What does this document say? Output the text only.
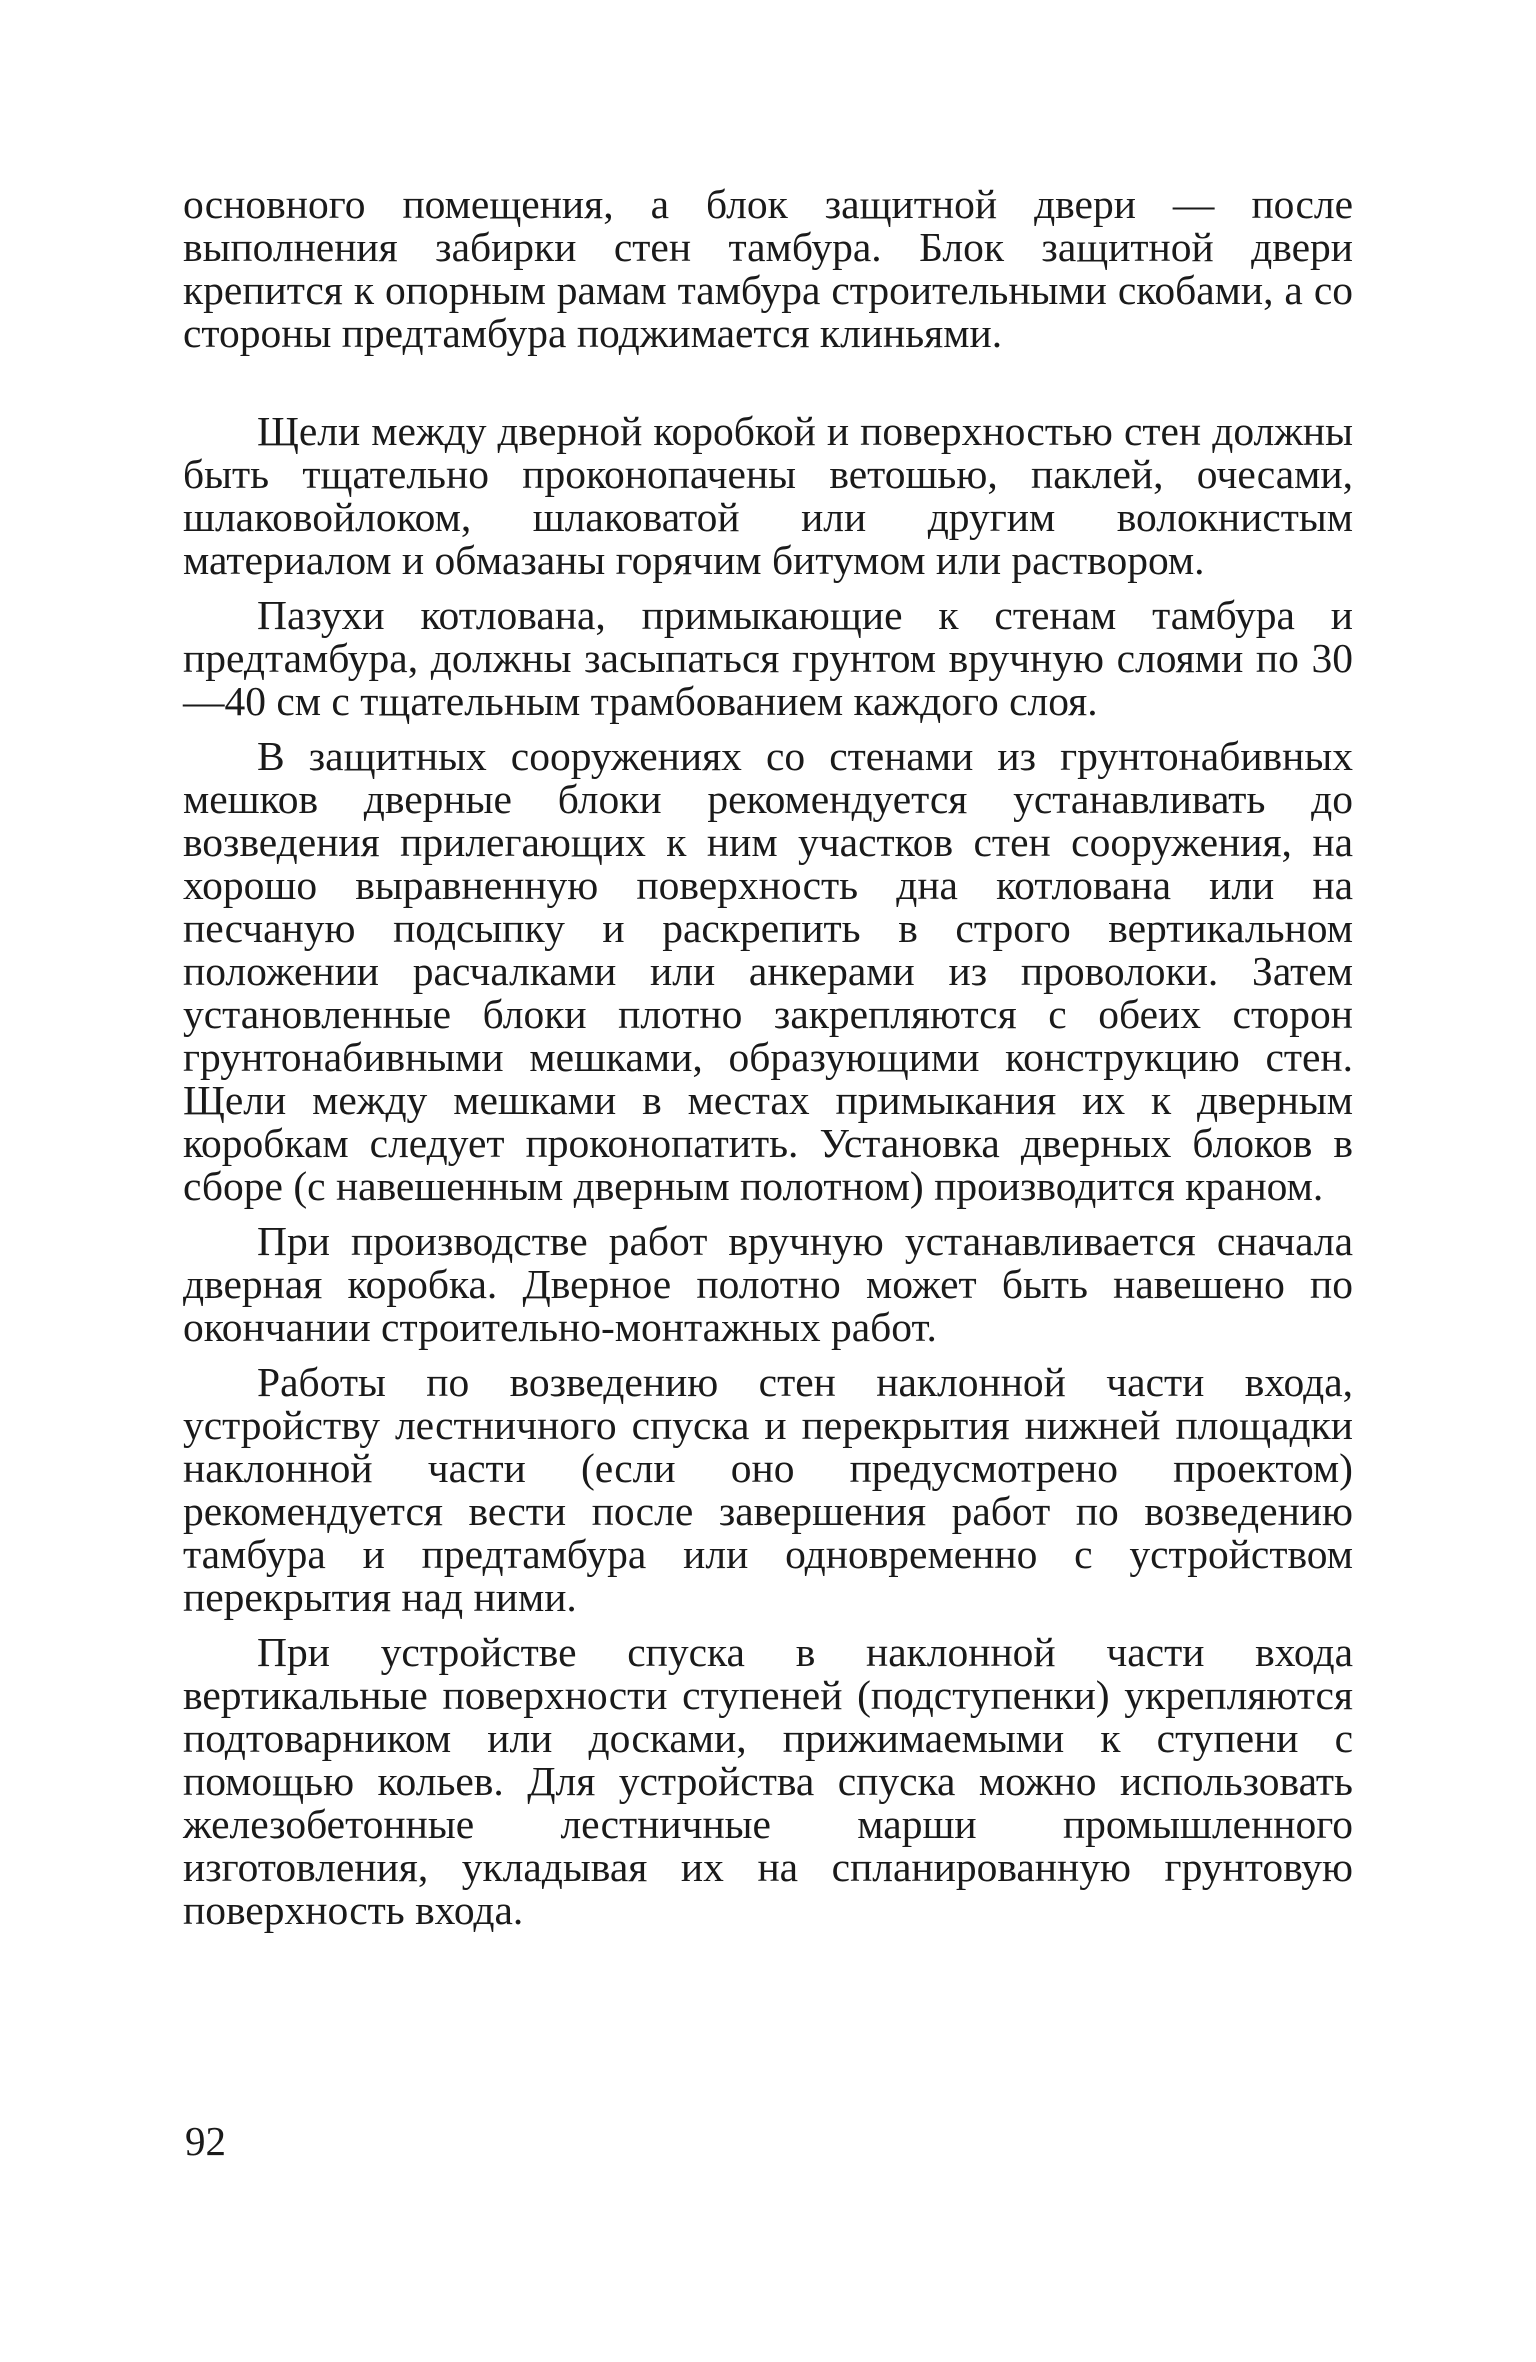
основного помещения, а блок защитной двери — после выполнения забирки стен тамбура. Блок защитной двери крепится к опорным рамам тамбура строительными скобами, а со стороны предтамбура поджимается клиньями.

Щели между дверной коробкой и поверхностью стен должны быть тщательно проконопачены ветошью, паклей, очесами, шлаковойлоком, шлаковатой или другим волокнистым материалом и обмазаны горячим битумом или раствором.

Пазухи котлована, примыкающие к стенам тамбура и предтамбура, должны засыпаться грунтом вручную слоями по 30—40 см с тщательным трамбованием каждого слоя.

В защитных сооружениях со стенами из грунтонабивных мешков дверные блоки рекомендуется устанавливать до возведения прилегающих к ним участков стен сооружения, на хорошо выравненную поверхность дна котлована или на песчаную подсыпку и раскрепить в строго вертикальном положении расчалками или анкерами из проволоки. Затем установленные блоки плотно закрепляются с обеих сторон грунтонабивными мешками, образующими конструкцию стен. Щели между мешками в местах примыкания их к дверным коробкам следует проконопатить. Установка дверных блоков в сборе (с навешенным дверным полотном) производится краном.

При производстве работ вручную устанавливается сначала дверная коробка. Дверное полотно может быть навешено по окончании строительно-монтажных работ.

Работы по возведению стен наклонной части входа, устройству лестничного спуска и перекрытия нижней площадки наклонной части (если оно предусмотрено проектом) рекомендуется вести после завершения работ по возведению тамбура и предтамбура или одновременно с устройством перекрытия над ними.

При устройстве спуска в наклонной части входа вертикальные поверхности ступеней (подступенки) укрепляются подтоварником или досками, прижимаемыми к ступени с помощью кольев. Для устройства спуска можно использовать железобетонные лестничные марши промышленного изготовления, укладывая их на спланированную грунтовую поверхность входа.

92
